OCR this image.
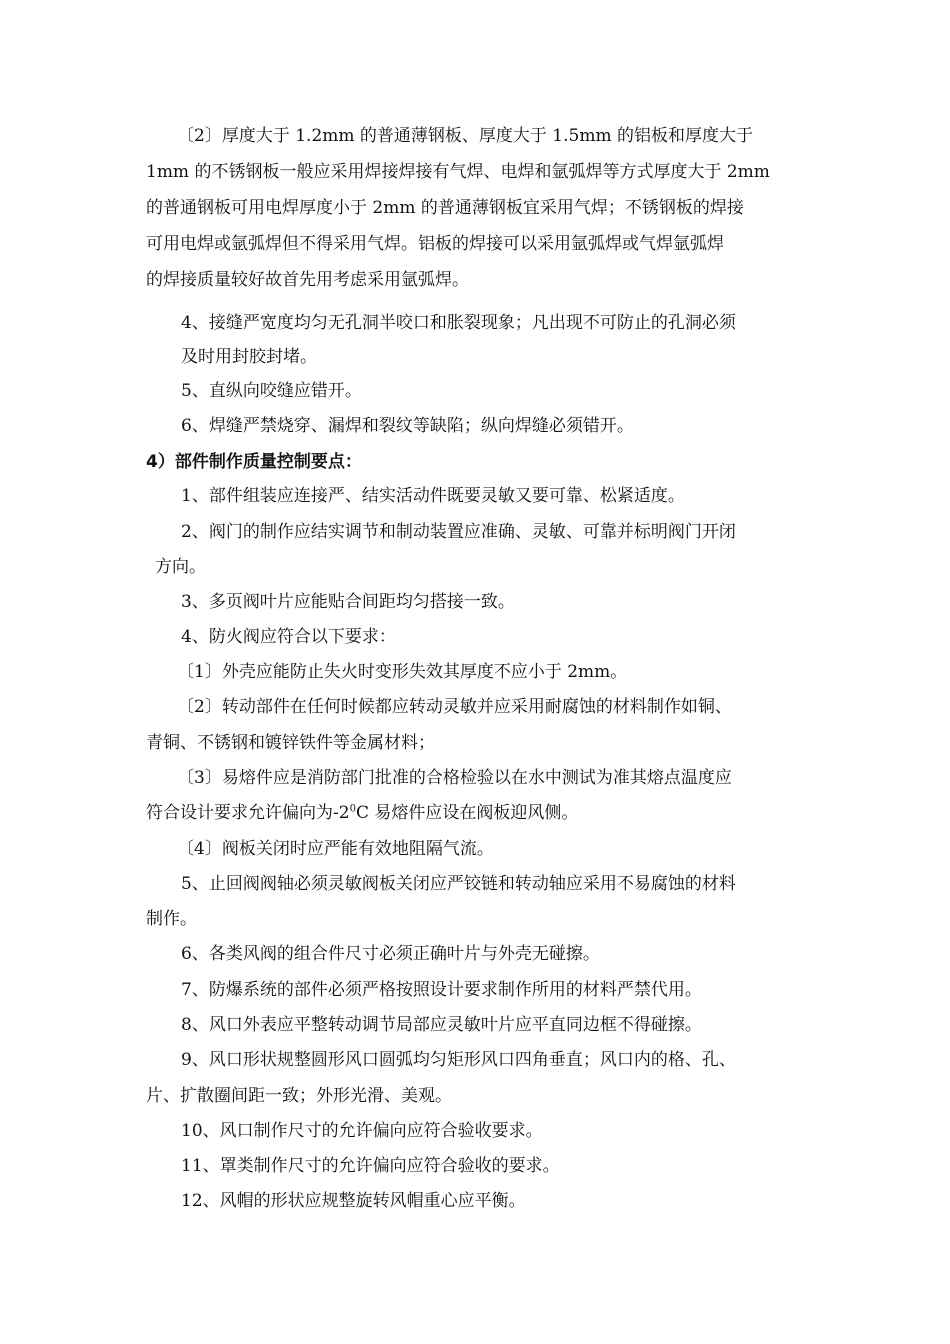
〔2〕厚度大于 1.2mm 的普通薄钢板、厚度大于 1.5mm 的铝板和厚度大于
1mm 的不锈钢板一般应采用焊接焊接有气焊、电焊和氩弧焊等方式厚度大于 2mm
的普通钢板可用电焊厚度小于 2mm 的普通薄钢板宜采用气焊；不锈钢板的焊接
可用电焊或氩弧焊但不得采用气焊。铝板的焊接可以采用氩弧焊或气焊氩弧焊
的焊接质量较好故首先用考虑采用氩弧焊。
4、接缝严宽度均匀无孔洞半咬口和胀裂现象；凡出现不可防止的孔洞必须
及时用封胶封堵。
5、直纵向咬缝应错开。
6、焊缝严禁烧穿、漏焊和裂纹等缺陷；纵向焊缝必须错开。
4）部件制作质量控制要点：
1、部件组装应连接严、结实活动件既要灵敏又要可靠、松紧适度。
2、阀门的制作应结实调节和制动装置应准确、灵敏、可靠并标明阀门开闭
方向。
3、多页阀叶片应能贴合间距均匀搭接一致。
4、防火阀应符合以下要求：
〔1〕外壳应能防止失火时变形失效其厚度不应小于 2mm。
〔2〕转动部件在任何时候都应转动灵敏并应采用耐腐蚀的材料制作如铜、
青铜、不锈钢和镀锌铁件等金属材料；
〔3〕易熔件应是消防部门批准的合格检验以在水中测试为准其熔点温度应
符合设计要求允许偏向为$-2^0C$ 易熔件应设在阀板迎风侧。
〔4〕阀板关闭时应严能有效地阻隔气流。
5、止回阀阀轴必须灵敏阀板关闭应严铰链和转动轴应采用不易腐蚀的材料
制作。
6、各类风阀的组合件尺寸必须正确叶片与外壳无碰擦。
7、防爆系统的部件必须严格按照设计要求制作所用的材料严禁代用。
8、风口外表应平整转动调节局部应灵敏叶片应平直同边框不得碰擦。
9、风口形状规整圆形风口圆弧均匀矩形风口四角垂直；风口内的格、孔、
片、扩散圈间距一致；外形光滑、美观。
10、风口制作尺寸的允许偏向应符合验收要求。
11、罩类制作尺寸的允许偏向应符合验收的要求。
12、风帽的形状应规整旋转风帽重心应平衡。
